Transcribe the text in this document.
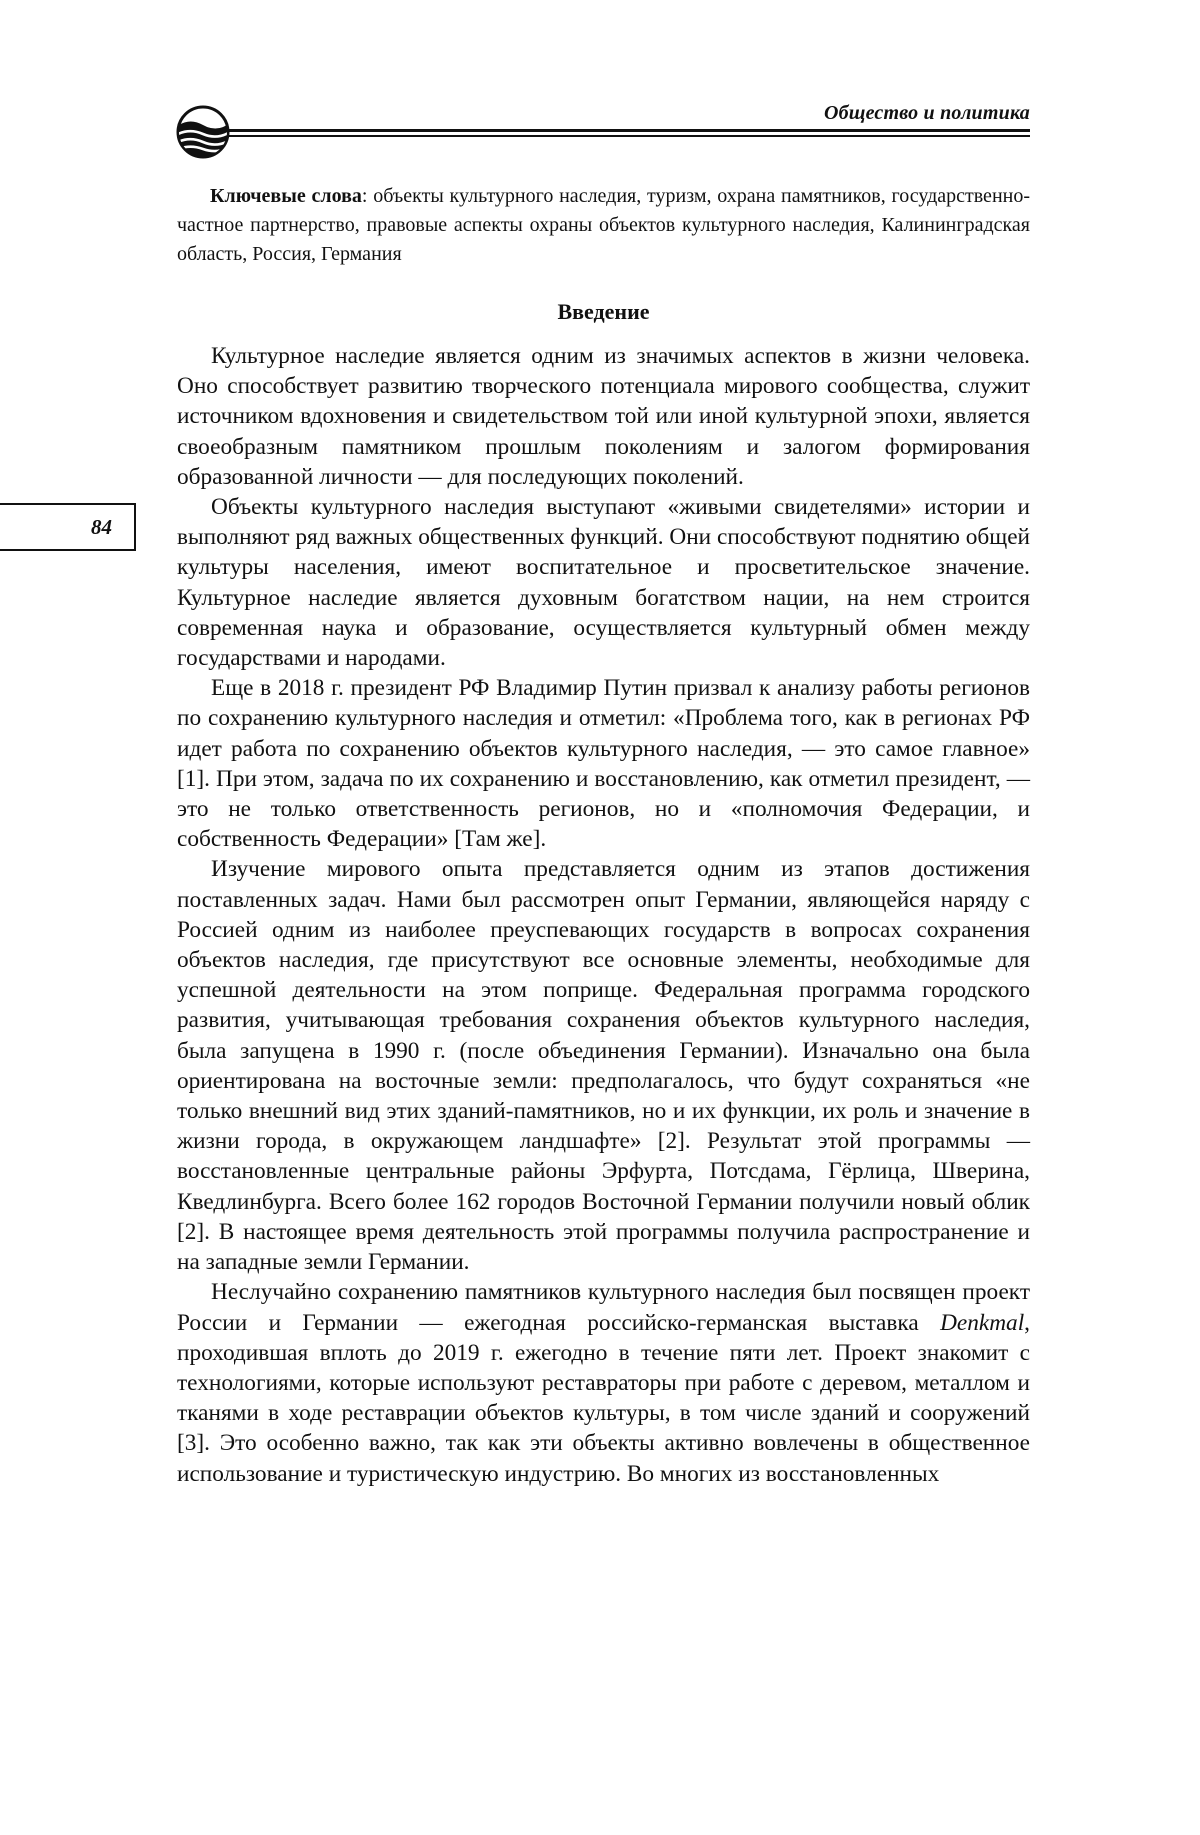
Общество и политика
84

Ключевые слова: объекты культурного наследия, туризм, охрана памятников, государственно-частное партнерство, правовые аспекты охраны объектов культурного наследия, Калининградская область, Россия, Германия

Введение

Культурное наследие является одним из значимых аспектов в жизни человека. Оно способствует развитию творческого потенциала мирового сообщества, служит источником вдохновения и свидетельством той или иной культурной эпохи, является своеобразным памятником прошлым поколениям и залогом формирования образованной личности — для последующих поколений.

Объекты культурного наследия выступают «живыми свидетелями» истории и выполняют ряд важных общественных функций. Они способствуют поднятию общей культуры населения, имеют воспитательное и просветительское значение. Культурное наследие является духовным богатством нации, на нем строится современная наука и образование, осуществляется культурный обмен между государствами и народами.

Еще в 2018 г. президент РФ Владимир Путин призвал к анализу работы регионов по сохранению культурного наследия и отметил: «Проблема того, как в регионах РФ идет работа по сохранению объектов культурного наследия, — это самое главное» [1]. При этом, задача по их сохранению и восстановлению, как отметил президент, — это не только ответственность регионов, но и «полномочия Федерации, и собственность Федерации» [Там же].

Изучение мирового опыта представляется одним из этапов достижения поставленных задач. Нами был рассмотрен опыт Германии, являющейся наряду с Россией одним из наиболее преуспевающих государств в вопросах сохранения объектов наследия, где присутствуют все основные элементы, необходимые для успешной деятельности на этом поприще. Федеральная программа городского развития, учитывающая требования сохранения объектов культурного наследия, была запущена в 1990 г. (после объединения Германии). Изначально она была ориентирована на восточные земли: предполагалось, что будут сохраняться «не только внешний вид этих зданий-памятников, но и их функции, их роль и значение в жизни города, в окружающем ландшафте» [2]. Результат этой программы — восстановленные центральные районы Эрфурта, Потсдама, Гёрлица, Шверина, Кведлинбурга. Всего более 162 городов Восточной Германии получили новый облик [2]. В настоящее время деятельность этой программы получила распространение и на западные земли Германии.

Неслучайно сохранению памятников культурного наследия был посвящен проект России и Германии — ежегодная российско-германская выставка Denkmal, проходившая вплоть до 2019 г. ежегодно в течение пяти лет. Проект знакомит с технологиями, которые используют реставраторы при работе с деревом, металлом и тканями в ходе реставрации объектов культуры, в том числе зданий и сооружений [3]. Это особенно важно, так как эти объекты активно вовлечены в общественное использование и туристическую индустрию. Во многих из восстановленных
